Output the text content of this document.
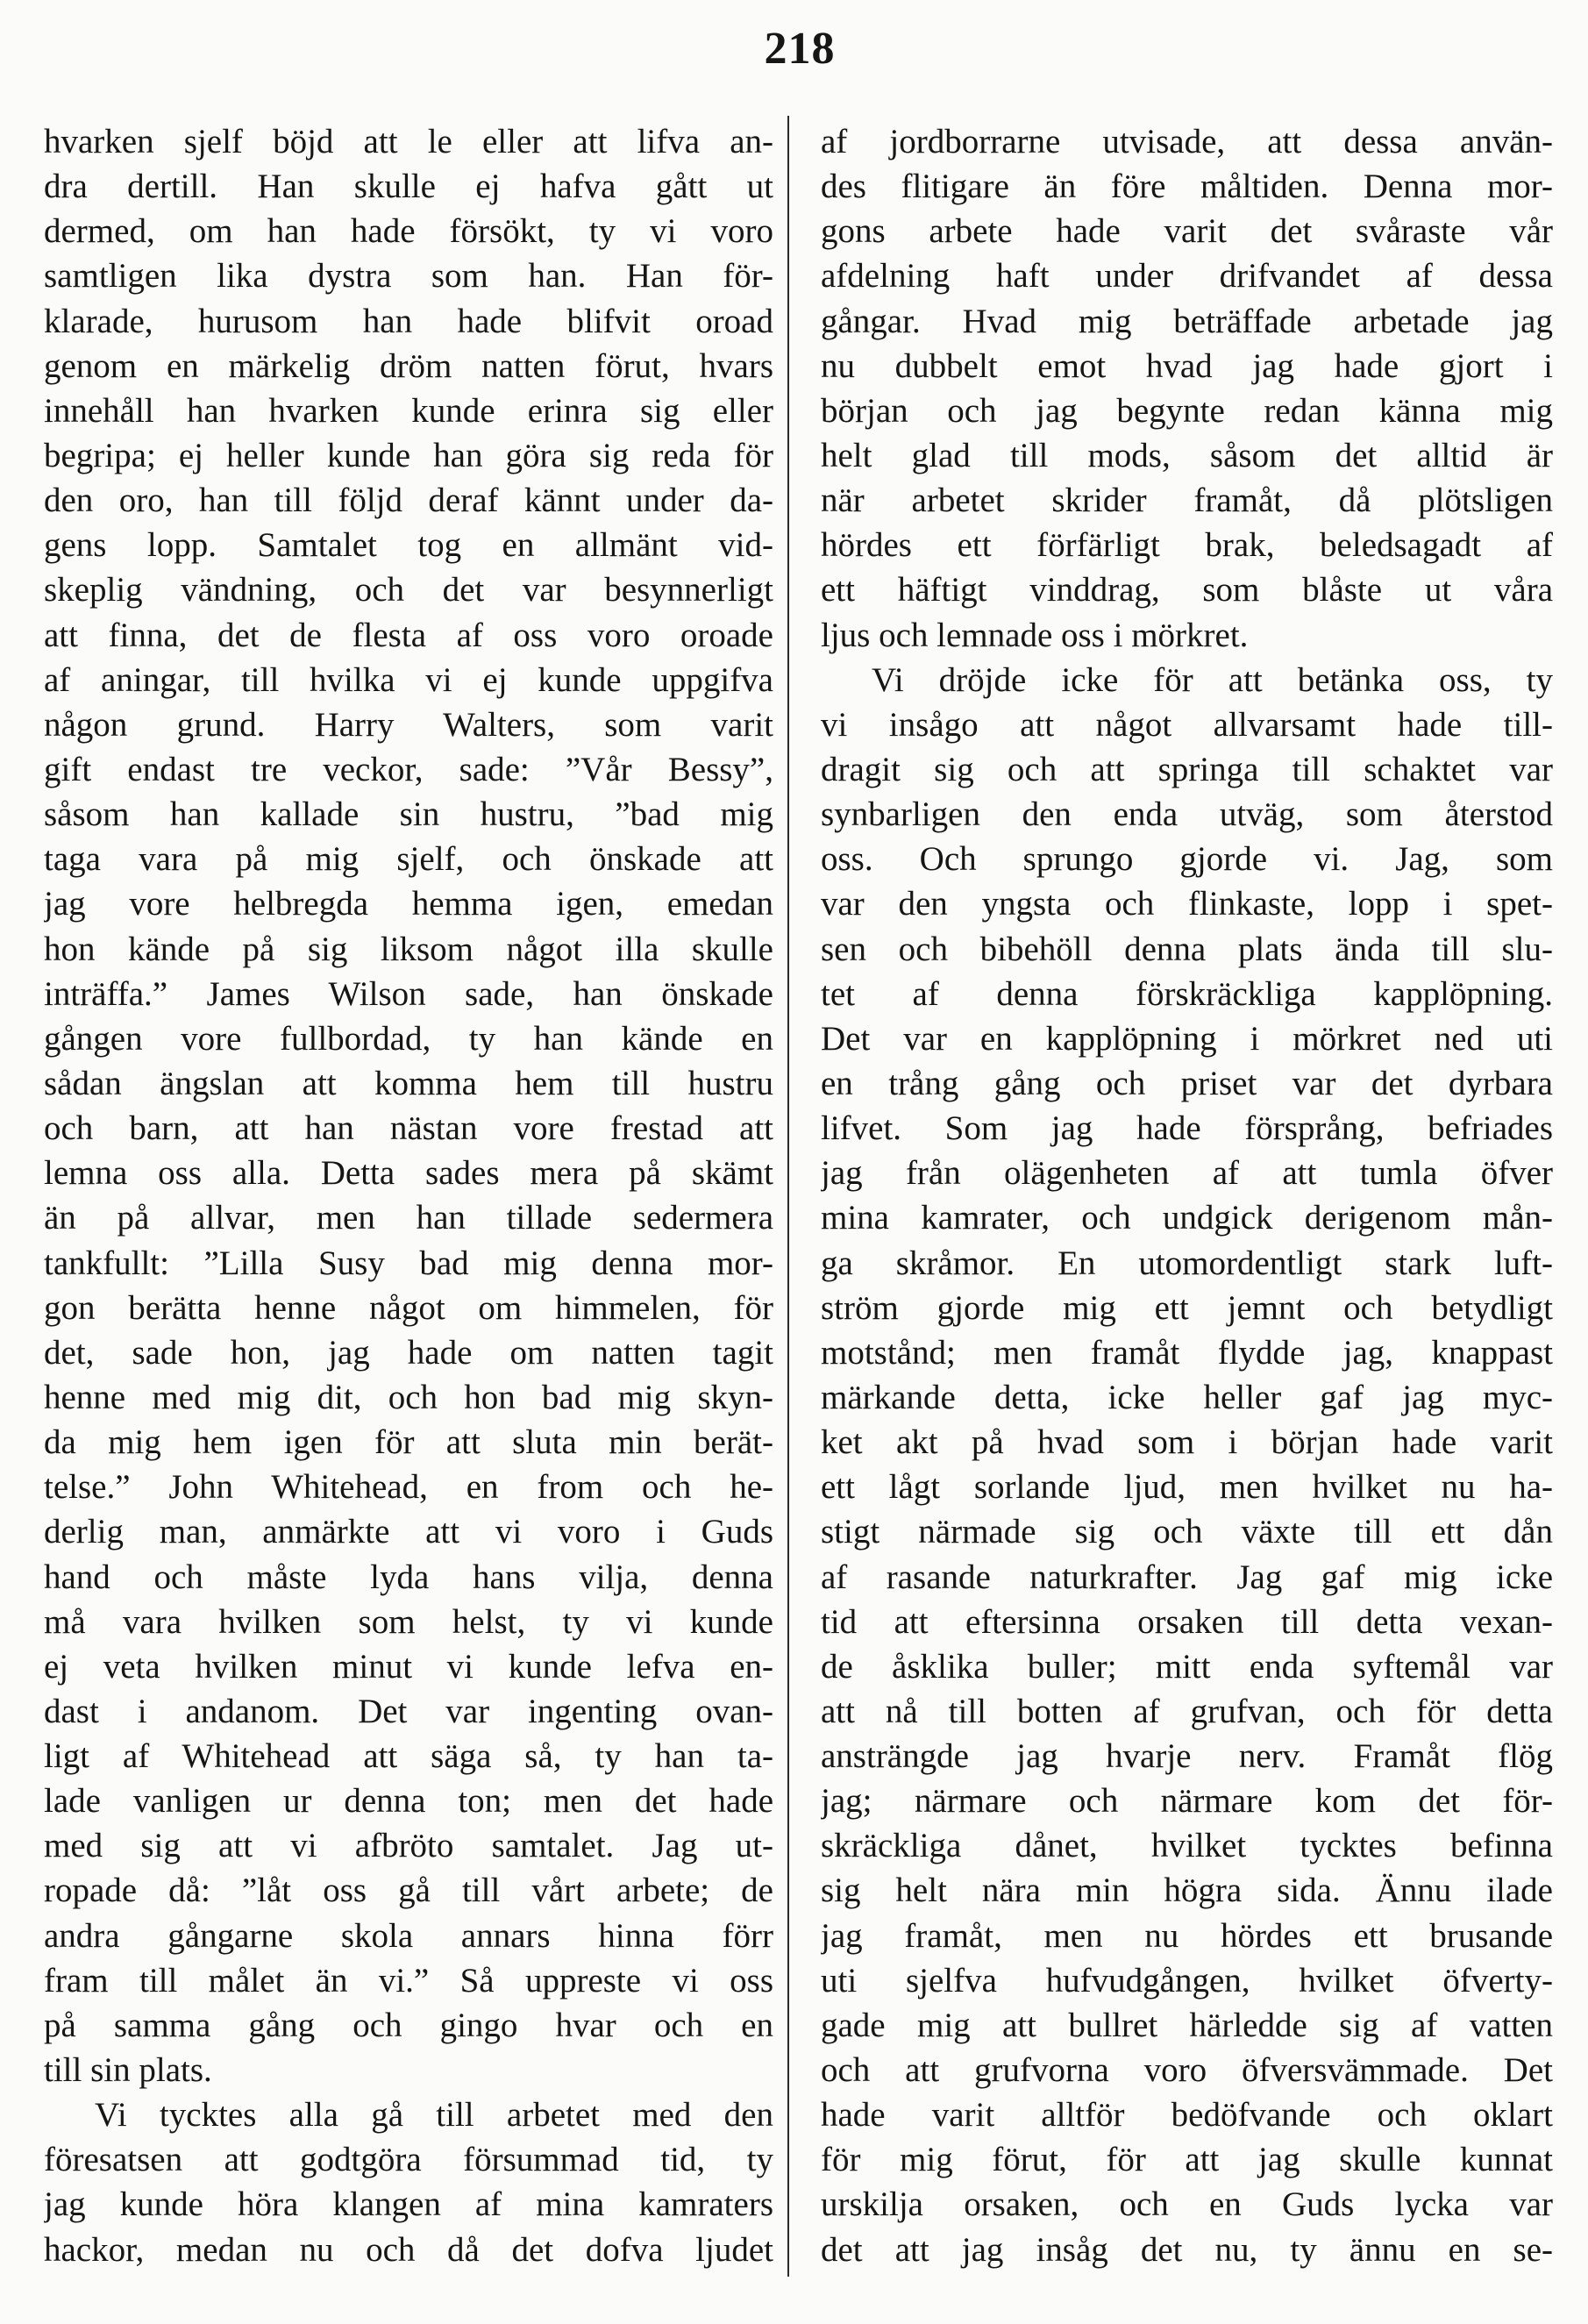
218
hvarken sjelf böjd att le eller att lifva an-
dra dertill. Han skulle ej hafva gått ut
dermed, om han hade försökt, ty vi voro
samtligen lika dystra som han. Han för-
klarade, hurusom han hade blifvit oroad
genom en märkelig dröm natten förut, hvars
innehåll han hvarken kunde erinra sig eller
begripa; ej heller kunde han göra sig reda för
den oro, han till följd deraf kännt under da-
gens lopp. Samtalet tog en allmänt vid-
skeplig vändning, och det var besynnerligt
att finna, det de flesta af oss voro oroade
af aningar, till hvilka vi ej kunde uppgifva
någon grund. Harry Walters, som varit
gift endast tre veckor, sade: ”Vår Bessy”,
såsom han kallade sin hustru, ”bad mig
taga vara på mig sjelf, och önskade att
jag vore helbregda hemma igen, emedan
hon kände på sig liksom något illa skulle
inträffa.” James Wilson sade, han önskade
gången vore fullbordad, ty han kände en
sådan ängslan att komma hem till hustru
och barn, att han nästan vore frestad att
lemna oss alla. Detta sades mera på skämt
än på allvar, men han tillade sedermera
tankfullt: ”Lilla Susy bad mig denna mor-
gon berätta henne något om himmelen, för
det, sade hon, jag hade om natten tagit
henne med mig dit, och hon bad mig skyn-
da mig hem igen för att sluta min berät-
telse.” John Whitehead, en from och he-
derlig man, anmärkte att vi voro i Guds
hand och måste lyda hans vilja, denna
må vara hvilken som helst, ty vi kunde
ej veta hvilken minut vi kunde lefva en-
dast i andanom. Det var ingenting ovan-
ligt af Whitehead att säga så, ty han ta-
lade vanligen ur denna ton; men det hade
med sig att vi afbröto samtalet. Jag ut-
ropade då: ”låt oss gå till vårt arbete; de
andra gångarne skola annars hinna förr
fram till målet än vi.” Så uppreste vi oss
på samma gång och gingo hvar och en
till sin plats.
Vi tycktes alla gå till arbetet med den
föresatsen att godtgöra försummad tid, ty
jag kunde höra klangen af mina kamraters
hackor, medan nu och då det dofva ljudet
af jordborrarne utvisade, att dessa använ-
des flitigare än före måltiden. Denna mor-
gons arbete hade varit det svåraste vår
afdelning haft under drifvandet af dessa
gångar. Hvad mig beträffade arbetade jag
nu dubbelt emot hvad jag hade gjort i
början och jag begynte redan känna mig
helt glad till mods, såsom det alltid är
när arbetet skrider framåt, då plötsligen
hördes ett förfärligt brak, beledsagadt af
ett häftigt vinddrag, som blåste ut våra
ljus och lemnade oss i mörkret.
Vi dröjde icke för att betänka oss, ty
vi insågo att något allvarsamt hade till-
dragit sig och att springa till schaktet var
synbarligen den enda utväg, som återstod
oss. Och sprungo gjorde vi. Jag, som
var den yngsta och flinkaste, lopp i spet-
sen och bibehöll denna plats ända till slu-
tet af denna förskräckliga kapplöpning.
Det var en kapplöpning i mörkret ned uti
en trång gång och priset var det dyrbara
lifvet. Som jag hade försprång, befriades
jag från olägenheten af att tumla öfver
mina kamrater, och undgick derigenom mån-
ga skråmor. En utomordentligt stark luft-
ström gjorde mig ett jemnt och betydligt
motstånd; men framåt flydde jag, knappast
märkande detta, icke heller gaf jag myc-
ket akt på hvad som i början hade varit
ett lågt sorlande ljud, men hvilket nu ha-
stigt närmade sig och växte till ett dån
af rasande naturkrafter. Jag gaf mig icke
tid att eftersinna orsaken till detta vexan-
de åsklika buller; mitt enda syftemål var
att nå till botten af grufvan, och för detta
ansträngde jag hvarje nerv. Framåt flög
jag; närmare och närmare kom det för-
skräckliga dånet, hvilket tycktes befinna
sig helt nära min högra sida. Ännu ilade
jag framåt, men nu hördes ett brusande
uti sjelfva hufvudgången, hvilket öfverty-
gade mig att bullret härledde sig af vatten
och att grufvorna voro öfversvämmade. Det
hade varit alltför bedöfvande och oklart
för mig förut, för att jag skulle kunnat
urskilja orsaken, och en Guds lycka var
det att jag insåg det nu, ty ännu en se-
